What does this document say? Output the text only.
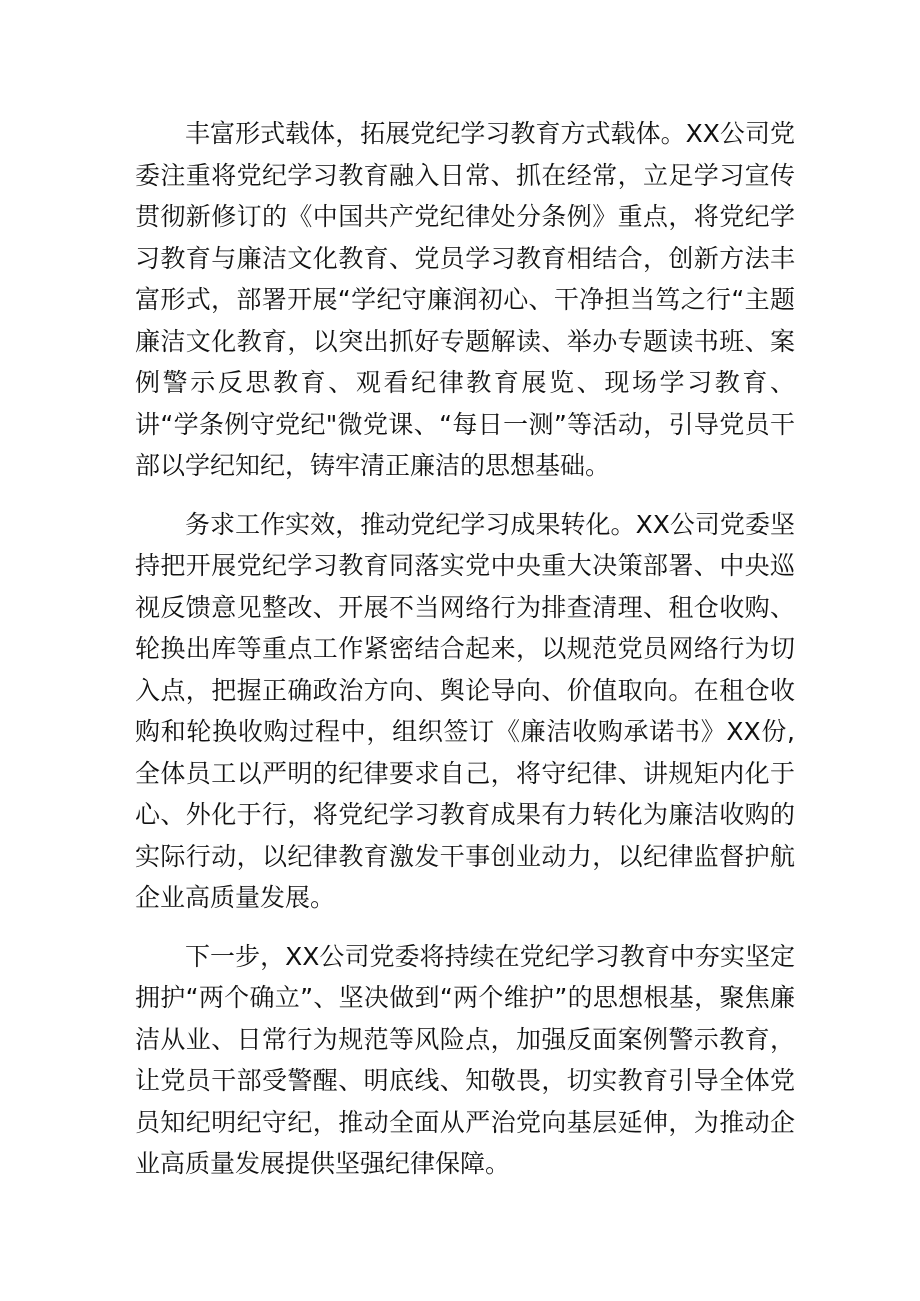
丰富形式载体，拓展党纪学习教育方式载体。XX公司党委注重将党纪学习教育融入日常、抓在经常，立足学习宣传贯彻新修订的《中国共产党纪律处分条例》重点，将党纪学习教育与廉洁文化教育、党员学习教育相结合，创新方法丰富形式，部署开展“学纪守廉润初心、干净担当笃之行“主题廉洁文化教育，以突出抓好专题解读、举办专题读书班、案例警示反思教育、观看纪律教育展览、现场学习教育、讲“学条例守党纪"微党课、“每日一测”等活动，引导党员干部以学纪知纪，铸牢清正廉洁的思想基础。

务求工作实效，推动党纪学习成果转化。XX公司党委坚持把开展党纪学习教育同落实党中央重大决策部署、中央巡视反馈意见整改、开展不当网络行为排查清理、租仓收购、轮换出库等重点工作紧密结合起来，以规范党员网络行为切入点，把握正确政治方向、舆论导向、价值取向。在租仓收购和轮换收购过程中，组织签订《廉洁收购承诺书》XX份,全体员工以严明的纪律要求自己，将守纪律、讲规矩内化于心、外化于行，将党纪学习教育成果有力转化为廉洁收购的实际行动，以纪律教育激发干事创业动力，以纪律监督护航企业高质量发展。

下一步，XX公司党委将持续在党纪学习教育中夯实坚定拥护“两个确立”、坚决做到“两个维护”的思想根基，聚焦廉洁从业、日常行为规范等风险点，加强反面案例警示教育，让党员干部受警醒、明底线、知敬畏，切实教育引导全体党员知纪明纪守纪，推动全面从严治党向基层延伸，为推动企业高质量发展提供坚强纪律保障。
